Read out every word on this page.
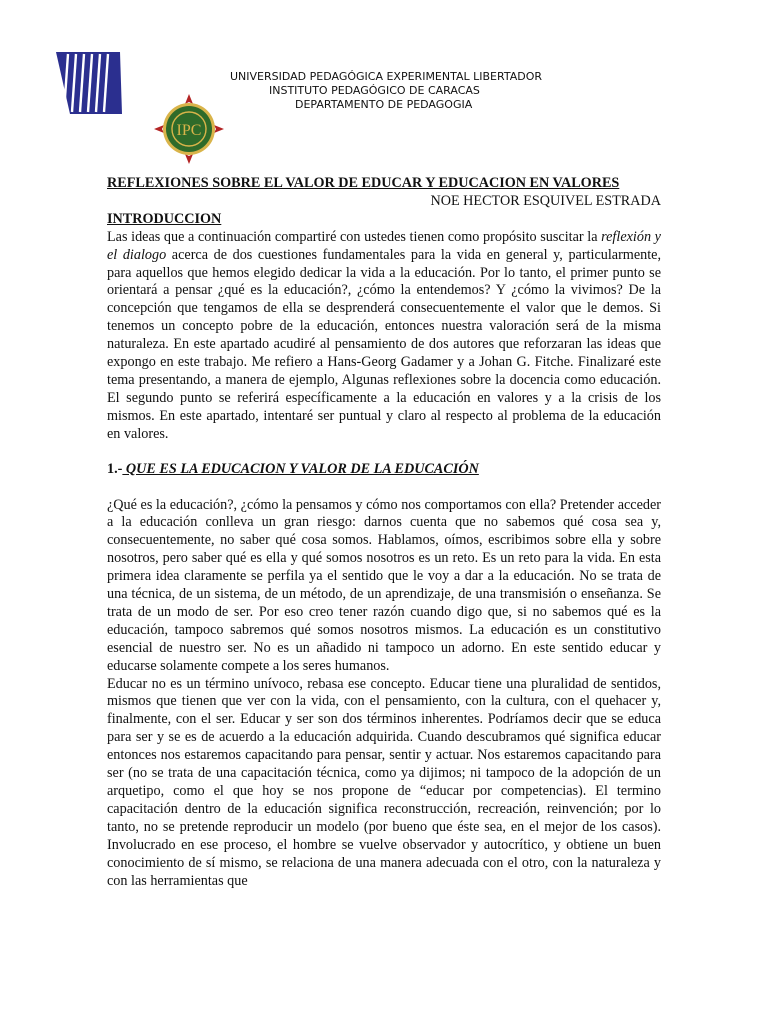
IPC
UNIVERSIDAD PEDAGÓGICA EXPERIMENTAL LIBERTADOR
INSTITUTO PEDAGÓGICO DE CARACAS
DEPARTAMENTO DE PEDAGOGIA
REFLEXIONES SOBRE EL VALOR DE EDUCAR Y EDUCACION EN VALORES
NOE HECTOR ESQUIVEL ESTRADA
INTRODUCCION

Las ideas que a continuación compartiré con ustedes tienen como propósito suscitar la reflexión y el dialogo acerca de dos cuestiones fundamentales para la vida en general y, particularmente, para aquellos que hemos elegido dedicar la vida a la educación. Por lo tanto, el primer punto se orientará a pensar ¿qué es la educación?, ¿cómo la entendemos? Y ¿cómo la vivimos? De la concepción que tengamos de ella se desprenderá consecuentemente el valor que le demos. Si tenemos un concepto pobre de la educación, entonces nuestra valoración será de la misma naturaleza. En este apartado acudiré al pensamiento de dos autores que reforzaran las ideas que expongo en este trabajo. Me refiero a Hans-Georg Gadamer y a Johan G. Fitche. Finalizaré este tema presentando, a manera de ejemplo, Algunas reflexiones sobre la docencia como educación. El segundo punto se referirá específicamente a la educación en valores y a la crisis de los mismos. En este apartado, intentaré ser puntual y claro al respecto al problema de la educación en valores.

1.- QUE ES LA EDUCACION Y VALOR DE LA EDUCACIÓN

¿Qué es la educación?, ¿cómo la pensamos y cómo nos comportamos con ella? Pretender acceder a la educación conlleva un gran riesgo: darnos cuenta que no sabemos qué cosa sea y, consecuentemente, no saber qué cosa somos. Hablamos, oímos, escribimos sobre ella y sobre nosotros, pero saber qué es ella y qué somos nosotros es un reto. Es un reto para la vida. En esta primera idea claramente se perfila ya el sentido que le voy a dar a la educación. No se trata de una técnica, de un sistema, de un método, de un aprendizaje, de una transmisión o enseñanza. Se trata de un modo de ser. Por eso creo tener razón cuando digo que, si no sabemos qué es la educación, tampoco sabremos qué somos nosotros mismos. La educación es un constitutivo esencial de nuestro ser. No es un añadido ni tampoco un adorno. En este sentido educar y educarse solamente compete a los seres humanos.

Educar no es un término unívoco, rebasa ese concepto. Educar tiene una pluralidad de sentidos, mismos que tienen que ver con la vida, con el pensamiento, con la cultura, con el quehacer y, finalmente, con el ser. Educar y ser son dos términos inherentes. Podríamos decir que se educa para ser y se es de acuerdo a la educación adquirida. Cuando descubramos qué significa educar entonces nos estaremos capacitando para pensar, sentir y actuar. Nos estaremos capacitando para ser (no se trata de una capacitación técnica, como ya dijimos; ni tampoco de la adopción de un arquetipo, como el que hoy se nos propone de “educar por competencias). El termino capacitación dentro de la educación significa reconstrucción, recreación, reinvención; por lo tanto, no se pretende reproducir un modelo (por bueno que éste sea, en el mejor de los casos). Involucrado en ese proceso, el hombre se vuelve observador y autocrítico, y obtiene un buen conocimiento de sí mismo, se relaciona de una manera adecuada con el otro, con la naturaleza y con las herramientas que
